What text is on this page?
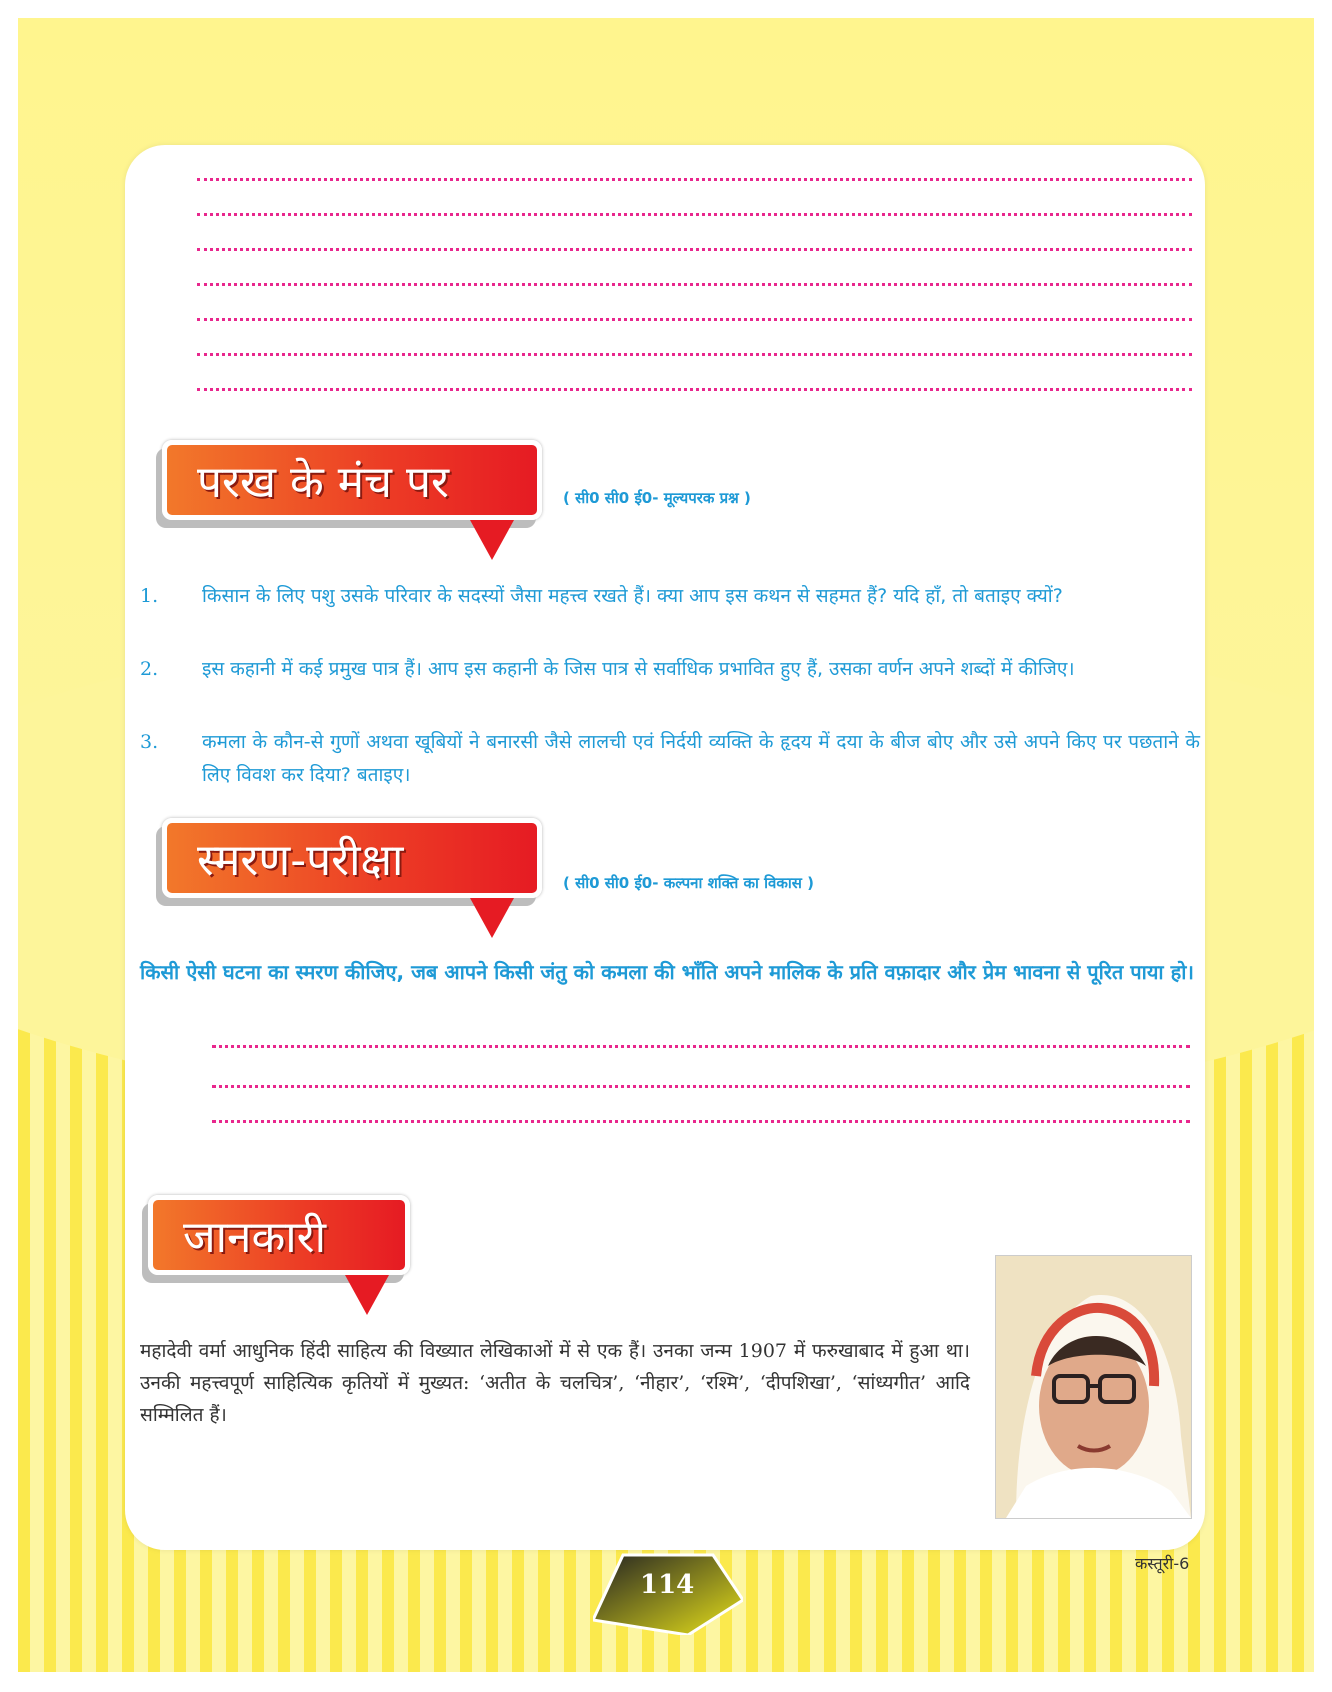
परख के मंच पर	( सी0 सी0 ई0- मूल्यपरक प्रश्न )
1.	किसान के लिए पशु उसके परिवार के सदस्यों जैसा महत्त्व रखते हैं। क्या आप इस कथन से सहमत हैं? यदि हाँ, तो बताइए क्यों?
2.	इस कहानी में कई प्रमुख पात्र हैं। आप इस कहानी के जिस पात्र से सर्वाधिक प्रभावित हुए हैं, उसका वर्णन अपने शब्दों में कीजिए।
3.	कमला के कौन-से गुणों अथवा खूबियों ने बनारसी जैसे लालची एवं निर्दयी व्यक्ति के हृदय में दया के बीज बोए और उसे अपने किए पर पछताने के लिए विवश कर दिया? बताइए।
स्मरण-परीक्षा	( सी0 सी0 ई0- कल्पना शक्ति का विकास )
किसी ऐसी घटना का स्मरण कीजिए, जब आपने किसी जंतु को कमला की भाँति अपने मालिक के प्रति वफ़ादार और प्रेम भावना से पूरित पाया हो।
जानकारी
महादेवी वर्मा आधुनिक हिंदी साहित्य की विख्यात लेखिकाओं में से एक हैं। उनका जन्म 1907 में फरुखाबाद में हुआ था। उनकी महत्त्वपूर्ण साहित्यिक कृतियों में मुख्यत: ‘अतीत के चलचित्र’, ‘नीहार’, ‘रश्मि’, ‘दीपशिखा’, ‘सांध्यगीत’ आदि सम्मिलित हैं।
114
कस्तूरी-6
